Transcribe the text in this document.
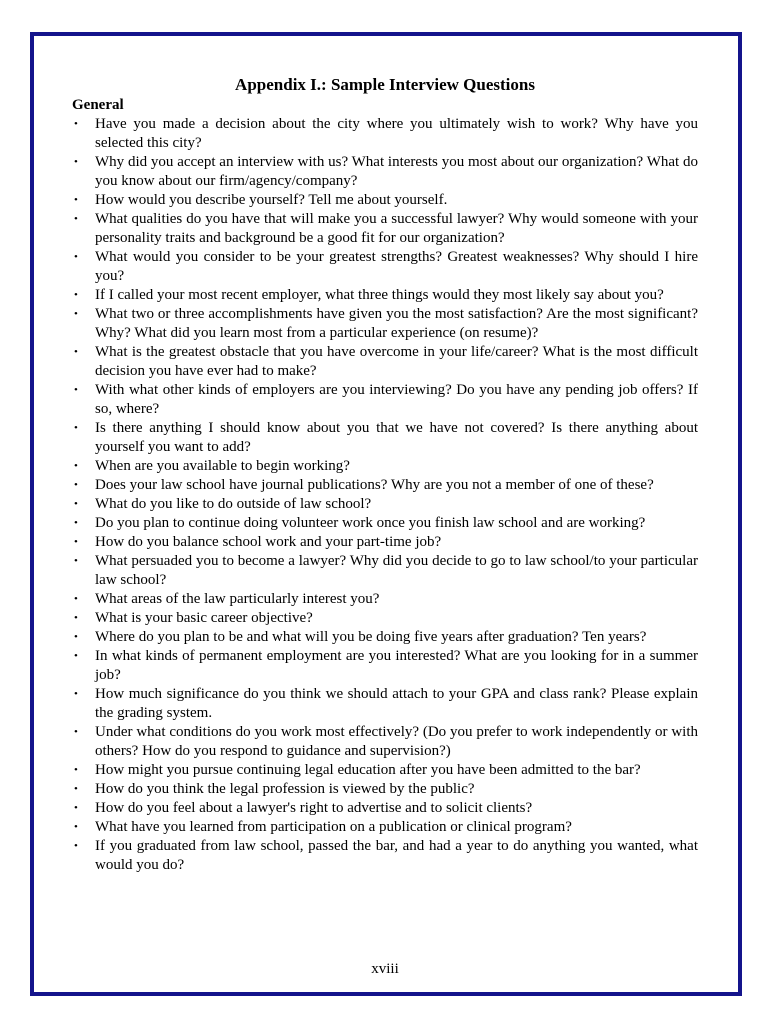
Appendix I.: Sample Interview Questions
General
• Have you made a decision about the city where you ultimately wish to work? Why have you selected this city?
• Why did you accept an interview with us? What interests you most about our organization? What do you know about our firm/agency/company?
• How would you describe yourself? Tell me about yourself.
• What qualities do you have that will make you a successful lawyer? Why would someone with your personality traits and background be a good fit for our organization?
• What would you consider to be your greatest strengths? Greatest weaknesses? Why should I hire you?
• If I called your most recent employer, what three things would they most likely say about you?
• What two or three accomplishments have given you the most satisfaction? Are the most significant? Why? What did you learn most from a particular experience (on resume)?
• What is the greatest obstacle that you have overcome in your life/career? What is the most difficult decision you have ever had to make?
• With what other kinds of employers are you interviewing? Do you have any pending job offers? If so, where?
• Is there anything I should know about you that we have not covered? Is there anything about yourself you want to add?
• When are you available to begin working?
• Does your law school have journal publications? Why are you not a member of one of these?
• What do you like to do outside of law school?
• Do you plan to continue doing volunteer work once you finish law school and are working?
• How do you balance school work and your part-time job?
• What persuaded you to become a lawyer? Why did you decide to go to law school/to your particular law school?
• What areas of the law particularly interest you?
• What is your basic career objective?
• Where do you plan to be and what will you be doing five years after graduation? Ten years?
• In what kinds of permanent employment are you interested? What are you looking for in a summer job?
• How much significance do you think we should attach to your GPA and class rank? Please explain the grading system.
• Under what conditions do you work most effectively? (Do you prefer to work independently or with others? How do you respond to guidance and supervision?)
• How might you pursue continuing legal education after you have been admitted to the bar?
• How do you think the legal profession is viewed by the public?
• How do you feel about a lawyer's right to advertise and to solicit clients?
• What have you learned from participation on a publication or clinical program?
• If you graduated from law school, passed the bar, and had a year to do anything you wanted, what would you do?
xviii
